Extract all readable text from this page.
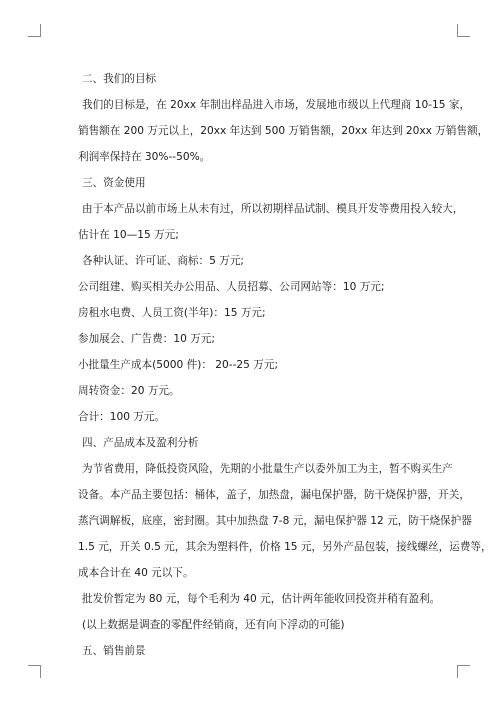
二、我们的目标
我们的目标是，在 20xx 年制出样品进入市场，发展地市级以上代理商 10-15 家，
销售额在 200 万元以上，20xx 年达到 500 万销售额，20xx 年达到 20xx 万销售额，
利润率保持在 30%--50%。
三、资金使用
由于本产品以前市场上从未有过，所以初期样品试制、模具开发等费用投入较大，
估计在 10—15 万元;
各种认证、许可证、商标：5 万元;
公司组建、购买相关办公用品、人员招募、公司网站等：10 万元;
房租水电费、人员工资(半年)：15 万元;
参加展会、广告费：10 万元;
小批量生产成本(5000 件)： 20--25 万元;
周转资金：20 万元。
合计：100 万元。
四、产品成本及盈利分析
为节省费用，降低投资风险，先期的小批量生产以委外加工为主，暂不购买生产
设备。本产品主要包括：桶体，盖子，加热盘，漏电保护器，防干烧保护器，开关，
蒸汽调解板，底座，密封圈。其中加热盘 7-8 元，漏电保护器 12 元，防干烧保护器
1.5 元，开关 0.5 元，其余为塑料件，价格 15 元，另外产品包装，接线螺丝，运费等，
成本合计在 40 元以下。
批发价暂定为 80 元，每个毛利为 40 元，估计两年能收回投资并稍有盈利。
(以上数据是调查的零配件经销商，还有向下浮动的可能)
五、销售前景
